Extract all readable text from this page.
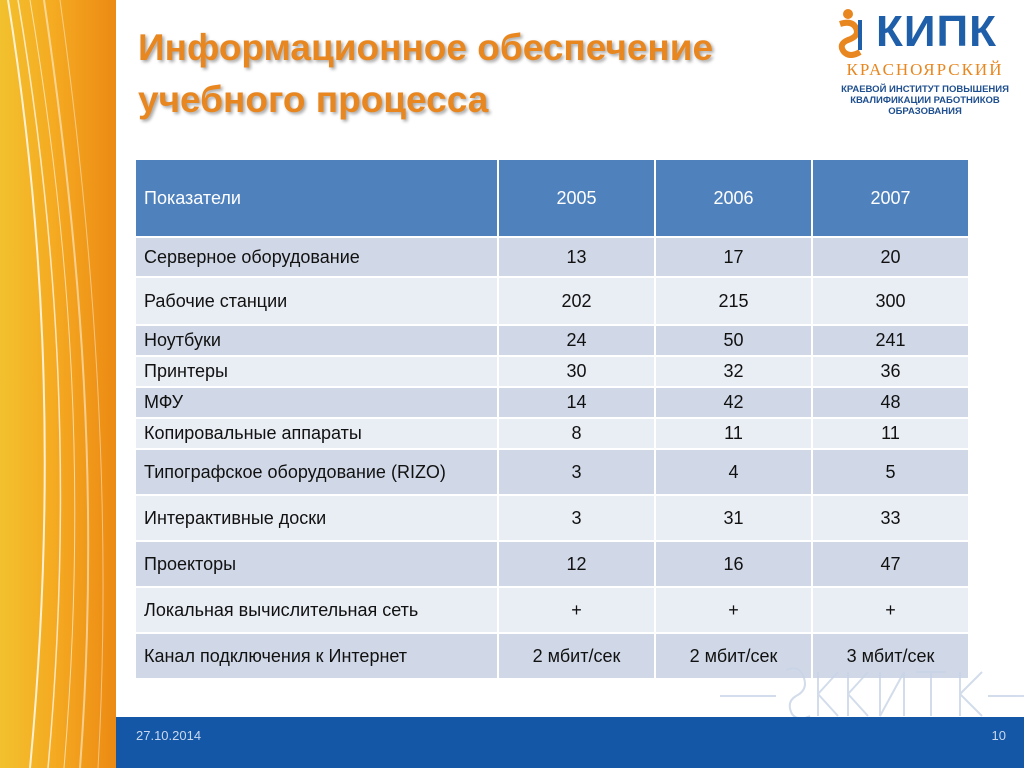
Информационное обеспечение учебного процесса
КИПК
КРАСНОЯРСКИЙ
КРАЕВОЙ ИНСТИТУТ ПОВЫШЕНИЯ
КВАЛИФИКАЦИИ РАБОТНИКОВ
ОБРАЗОВАНИЯ
Показатели	2005	2006	2007
Серверное оборудование	13	17	20
Рабочие станции	202	215	300
Ноутбуки	24	50	241
Принтеры	30	32	36
МФУ	14	42	48
Копировальные аппараты	8	11	11
Типографское оборудование (RIZO)	3	4	5
Интерактивные доски	3	31	33
Проекторы	12	16	47
Локальная вычислительная сеть	+	+	+
Канал подключения к Интернет	2 мбит/сек	2 мбит/сек	3 мбит/сек
27.10.2014	10
